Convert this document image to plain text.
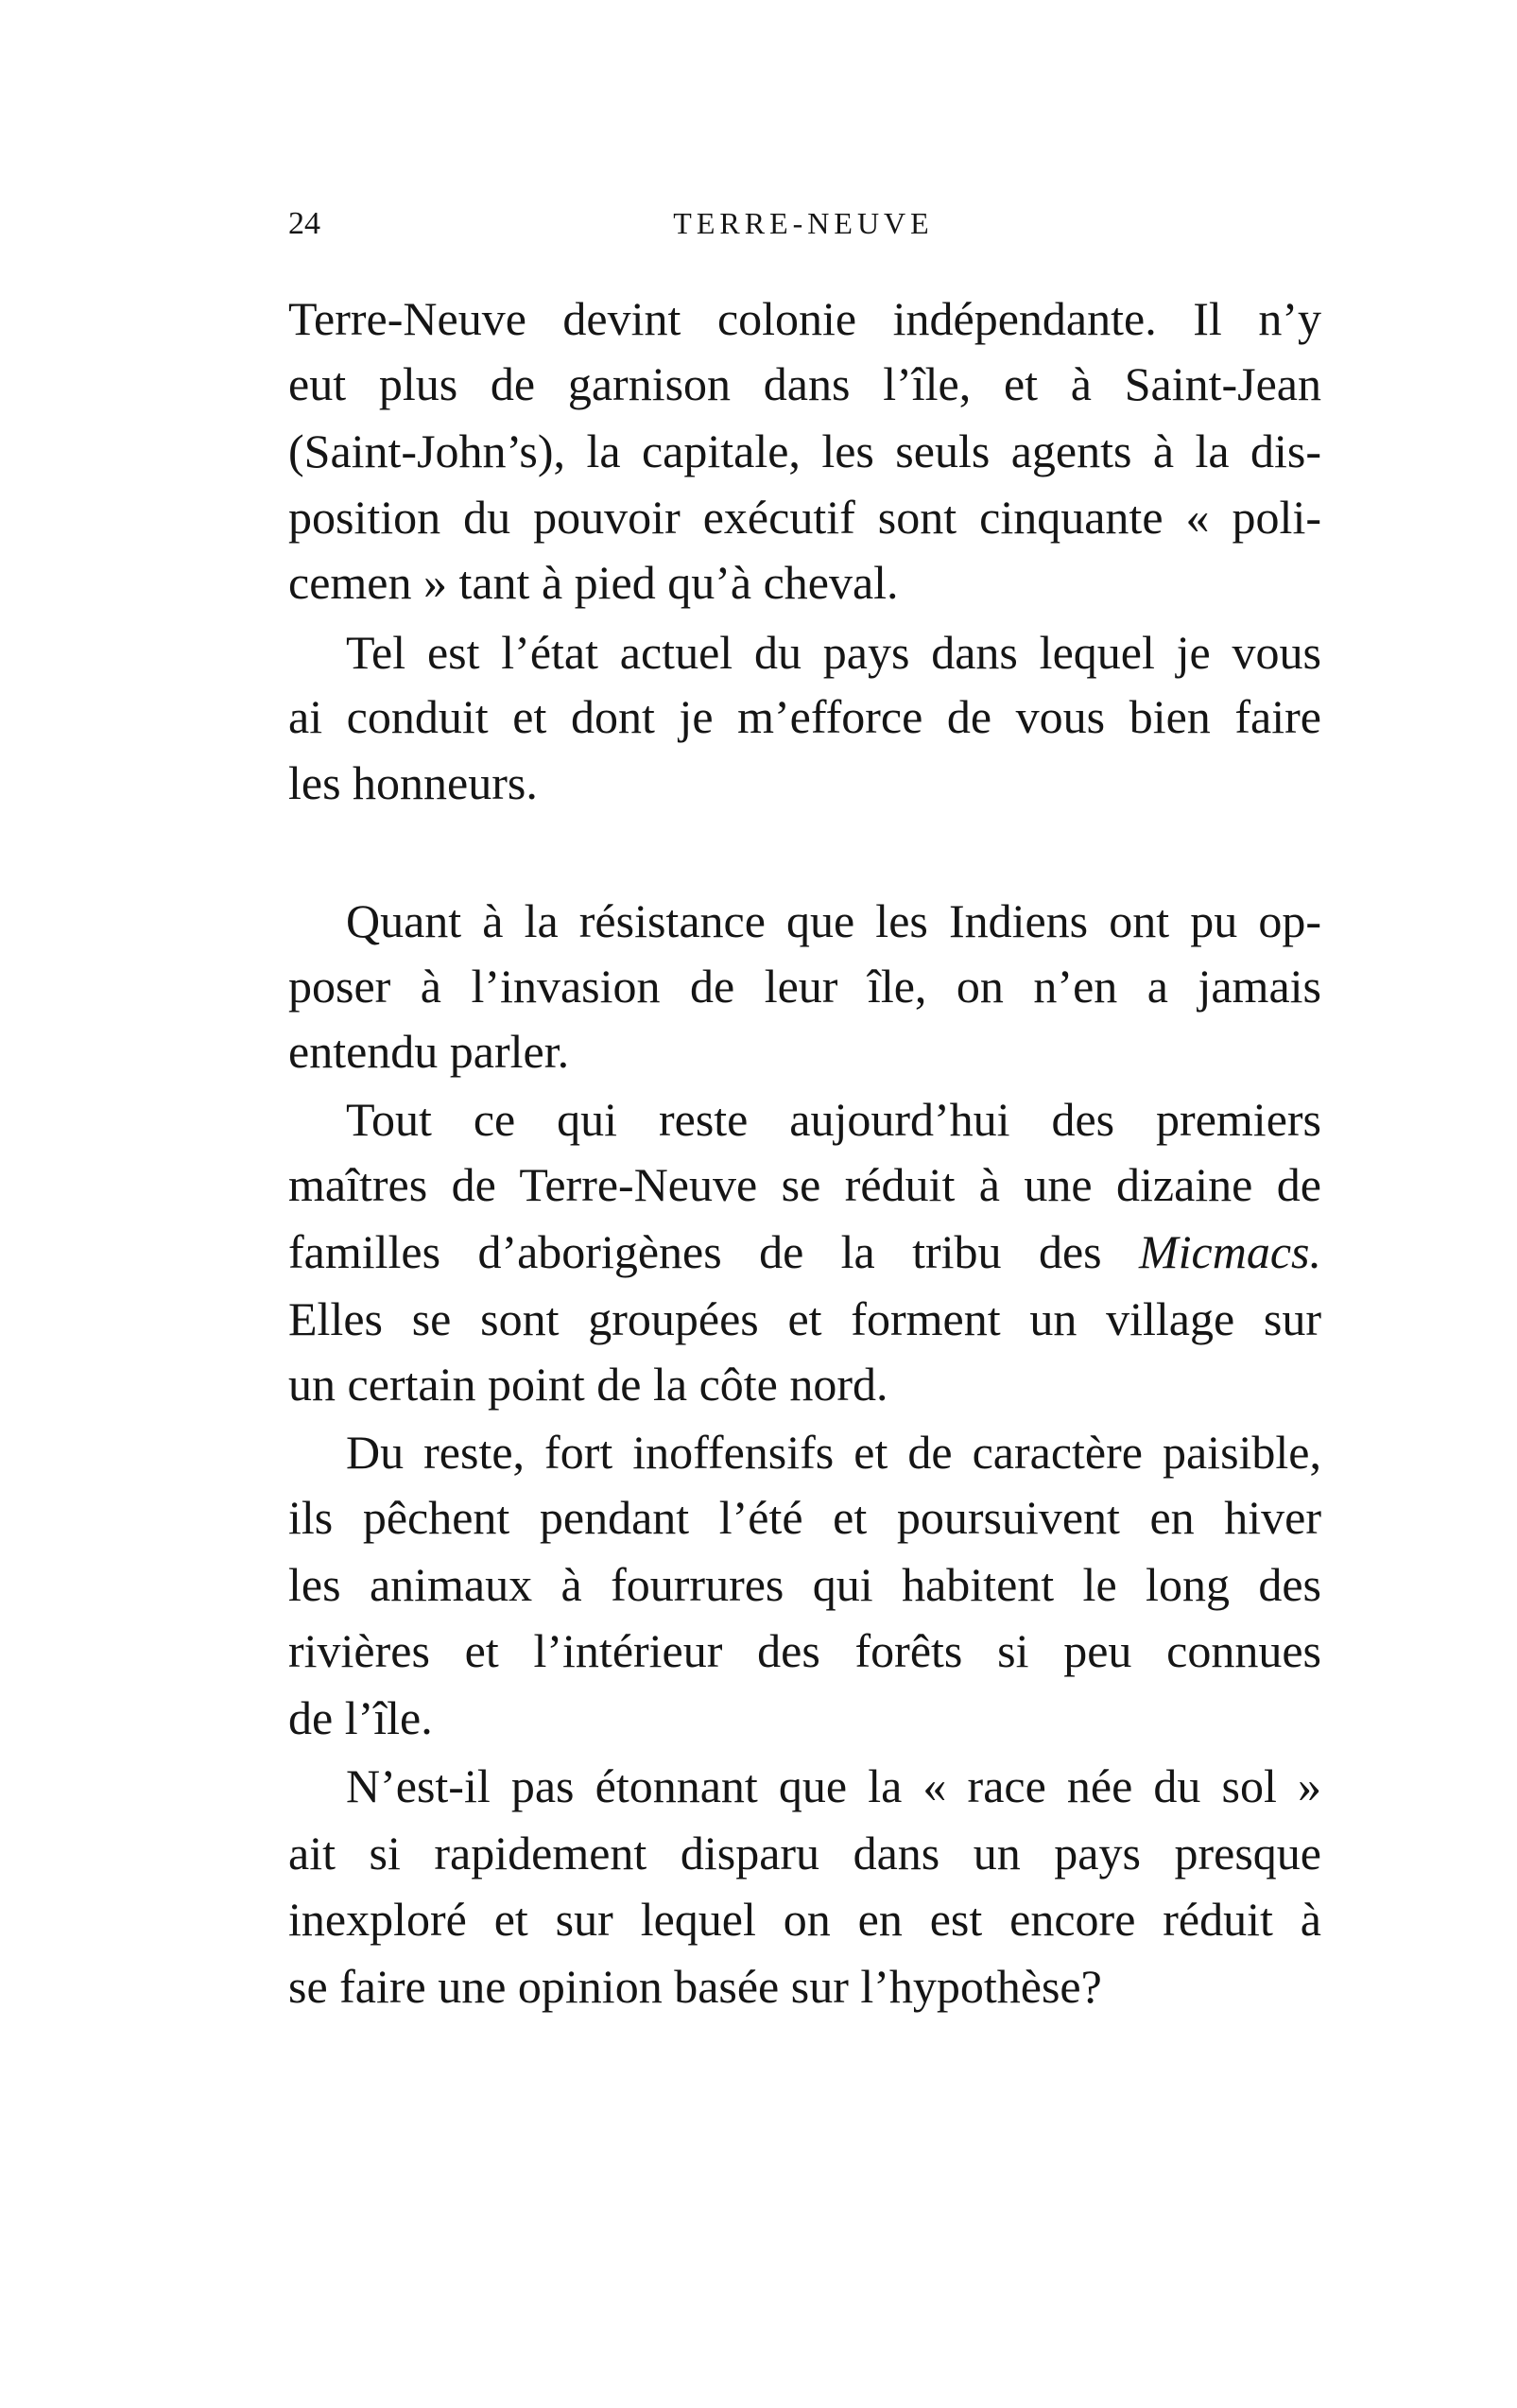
24	TERRE-NEUVE
Terre-Neuve devint colonie indépendante. Il n’y
eut plus de garnison dans l’île, et à Saint-Jean
(Saint-John’s), la capitale, les seuls agents à la dis-
position du pouvoir exécutif sont cinquante « poli-
cemen » tant à pied qu’à cheval.
Tel est l’état actuel du pays dans lequel je vous
ai conduit et dont je m’efforce de vous bien faire
les honneurs.
Quant à la résistance que les Indiens ont pu op-
poser à l’invasion de leur île, on n’en a jamais
entendu parler.
Tout ce qui reste aujourd’hui des premiers
maîtres de Terre-Neuve se réduit à une dizaine de
familles d’aborigènes de la tribu des Micmacs.
Elles se sont groupées et forment un village sur
un certain point de la côte nord.
Du reste, fort inoffensifs et de caractère paisible,
ils pêchent pendant l’été et poursuivent en hiver
les animaux à fourrures qui habitent le long des
rivières et l’intérieur des forêts si peu connues
de l’île.
N’est-il pas étonnant que la « race née du sol »
ait si rapidement disparu dans un pays presque
inexploré et sur lequel on en est encore réduit à
se faire une opinion basée sur l’hypothèse?
